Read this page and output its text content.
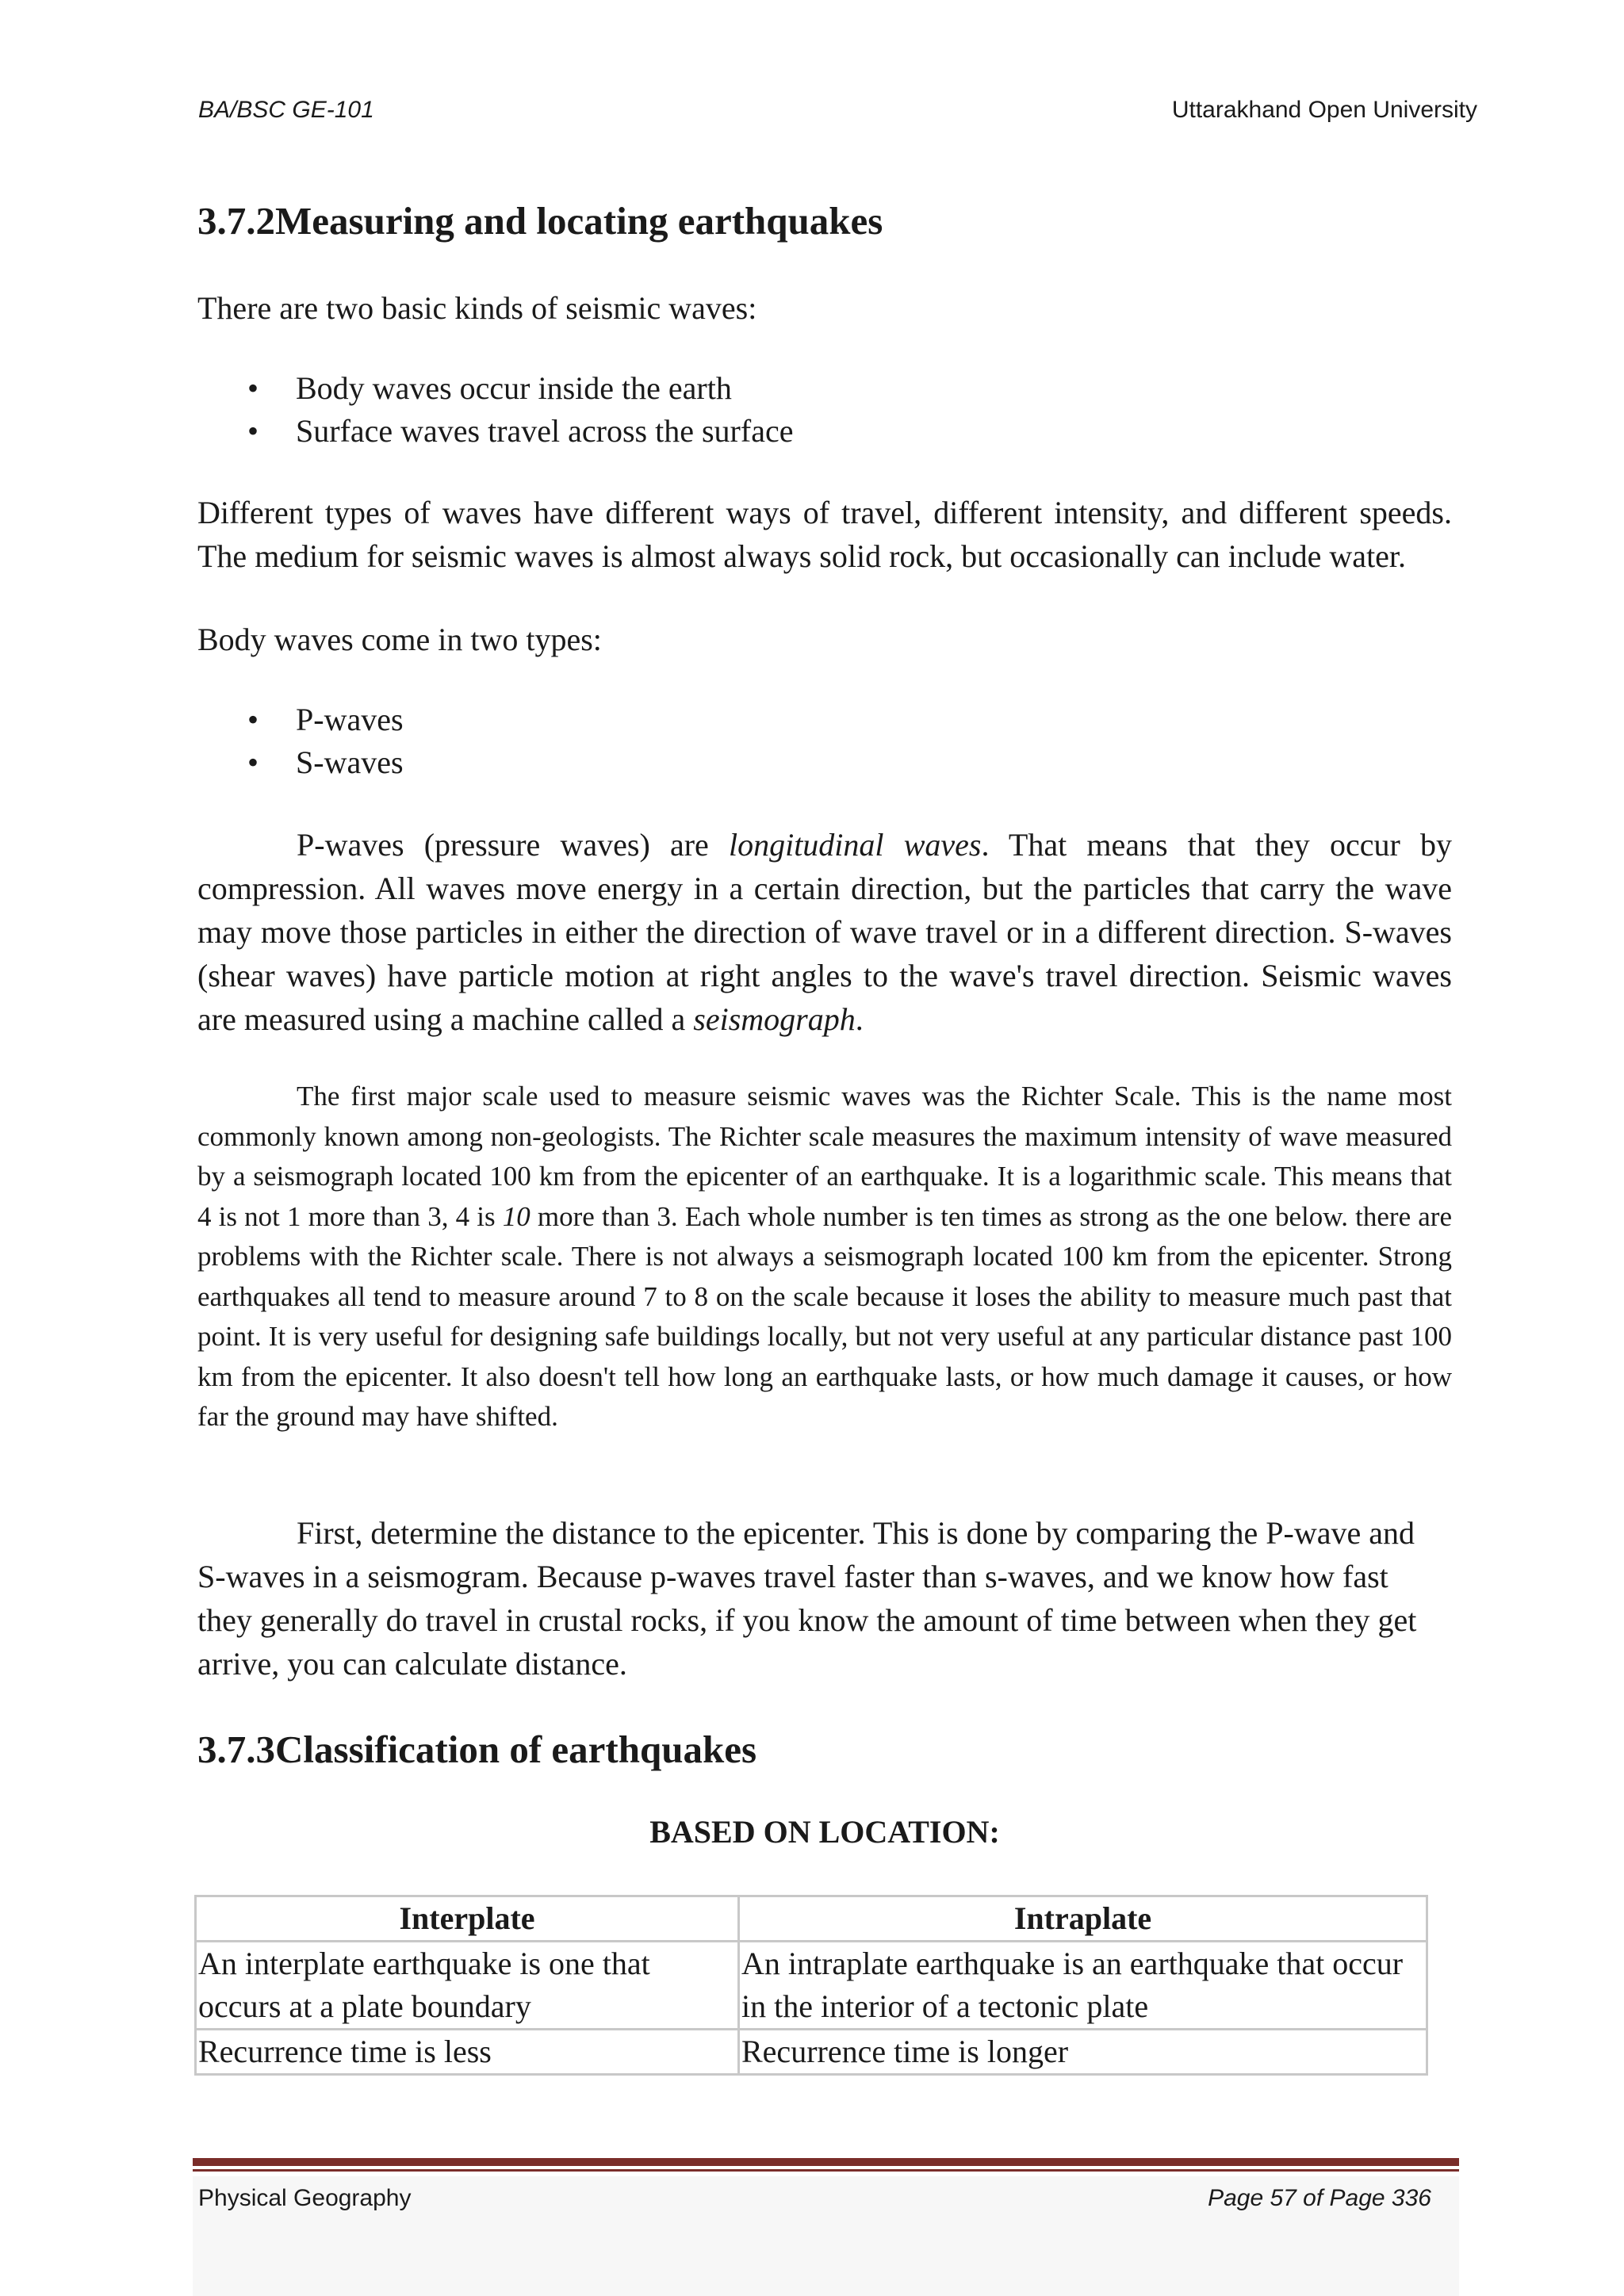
BA/BSC GE-101	Uttarakhand Open University
3.7.2Measuring and locating earthquakes

There are two basic kinds of seismic waves:

• Body waves occur inside the earth
• Surface waves travel across the surface

Different types of waves have different ways of travel, different intensity, and different speeds. The medium for seismic waves is almost always solid rock, but occasionally can include water.

Body waves come in two types:

• P-waves
• S-waves

P-waves (pressure waves) are longitudinal waves. That means that they occur by compression. All waves move energy in a certain direction, but the particles that carry the wave may move those particles in either the direction of wave travel or in a different direction. S-waves (shear waves) have particle motion at right angles to the wave's travel direction. Seismic waves are measured using a machine called a seismograph.

The first major scale used to measure seismic waves was the Richter Scale. This is the name most commonly known among non-geologists. The Richter scale measures the maximum intensity of wave measured by a seismograph located 100 km from the epicenter of an earthquake. It is a logarithmic scale. This means that 4 is not 1 more than 3, 4 is 10 more than 3. Each whole number is ten times as strong as the one below. there are problems with the Richter scale. There is not always a seismograph located 100 km from the epicenter. Strong earthquakes all tend to measure around 7 to 8 on the scale because it loses the ability to measure much past that point. It is very useful for designing safe buildings locally, but not very useful at any particular distance past 100 km from the epicenter. It also doesn't tell how long an earthquake lasts, or how much damage it causes, or how far the ground may have shifted.

First, determine the distance to the epicenter. This is done by comparing the P-wave and S-waves in a seismogram. Because p-waves travel faster than s-waves, and we know how fast they generally do travel in crustal rocks, if you know the amount of time between when they get arrive, you can calculate distance.

3.7.3Classification of earthquakes
BASED ON LOCATION:
Interplate	Intraplate
An interplate earthquake is one that occurs at a plate boundary	An intraplate earthquake is an earthquake that occur in the interior of a tectonic plate
Recurrence time is less	Recurrence time is longer
Physical Geography	Page 57 of Page 336
